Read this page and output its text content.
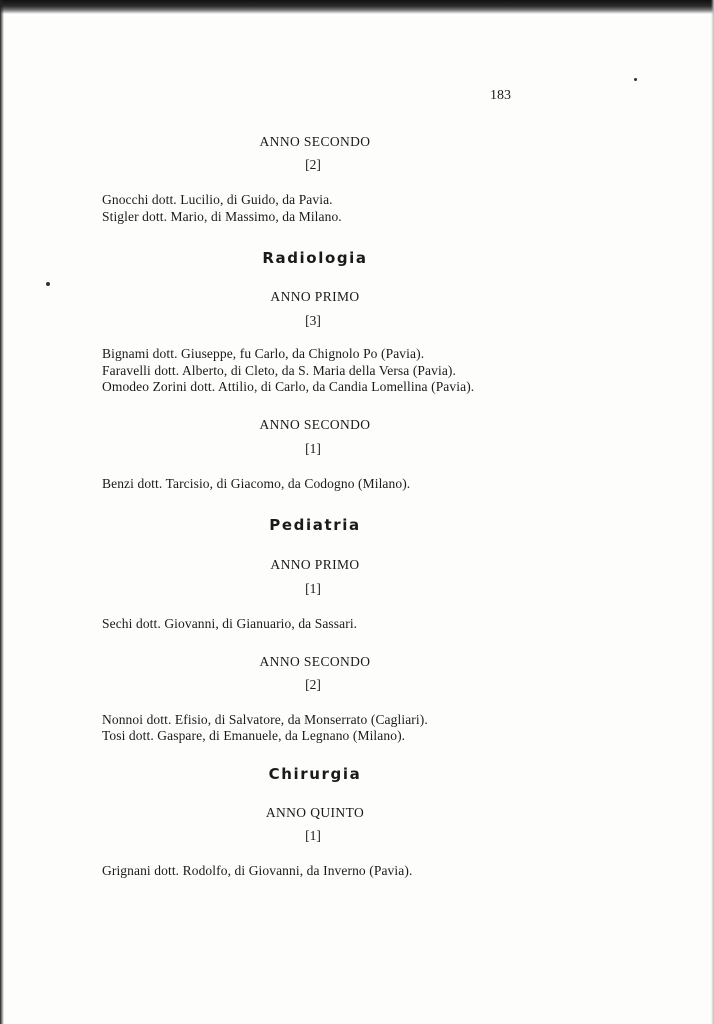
183
ANNO SECONDO
[2]
Gnocchi dott. Lucilio, di Guido, da Pavia.
Stigler dott. Mario, di Massimo, da Milano.
Radiologia
ANNO PRIMO
[3]
Bignami dott. Giuseppe, fu Carlo, da Chignolo Po (Pavia).
Faravelli dott. Alberto, di Cleto, da S. Maria della Versa (Pavia).
Omodeo Zorini dott. Attilio, di Carlo, da Candia Lomellina (Pavia).
ANNO SECONDO
[1]
Benzi dott. Tarcisio, di Giacomo, da Codogno (Milano).
Pediatria
ANNO PRIMO
[1]
Sechi dott. Giovanni, di Gianuario, da Sassari.
ANNO SECONDO
[2]
Nonnoi dott. Efisio, di Salvatore, da Monserrato (Cagliari).
Tosi dott. Gaspare, di Emanuele, da Legnano (Milano).
Chirurgia
ANNO QUINTO
[1]
Grignani dott. Rodolfo, di Giovanni, da Inverno (Pavia).
